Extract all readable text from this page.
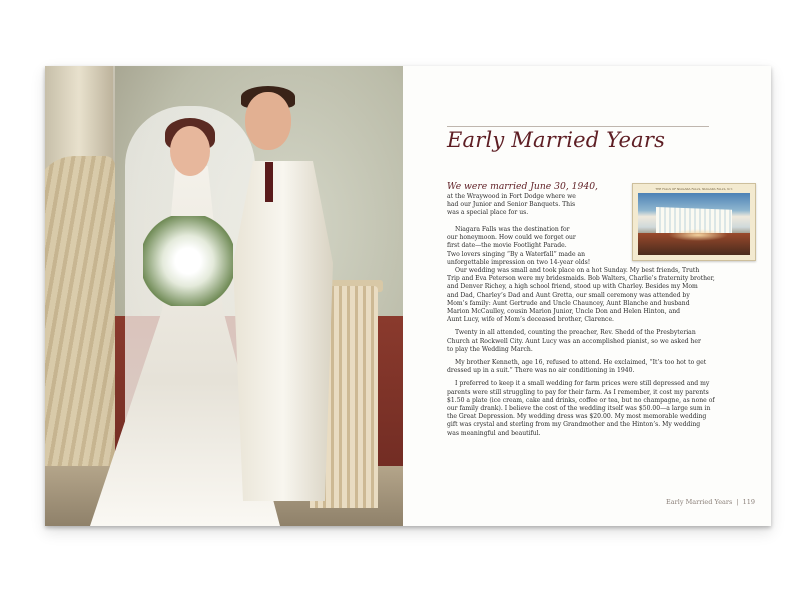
Early Married Years
We were married June 30, 1940,

at the Wraywood in Fort Dodge where we
had our Junior and Senior Banquets. This
was a special place for us.

Niagara Falls was the destination for
our honeymoon. How could we forget our
first date—the movie Footlight Parade.
Two lovers singing “By a Waterfall” made an
unforgettable impression on two 14-year olds!

Our wedding was small and took place on a hot Sunday. My best friends, Truth
Trip and Eva Peterson were my bridesmaids. Bob Walters, Charlie’s fraternity brother,
and Denver Richey, a high school friend, stood up with Charley. Besides my Mom
and Dad, Charley’s Dad and Aunt Gretta, our small ceremony was attended by
Mom’s family: Aunt Gertrude and Uncle Chauncey, Aunt Blanche and husband
Marion McCaulley, cousin Marion Junior, Uncle Don and Helen Hinton, and
Aunt Lucy, wife of Mom’s deceased brother, Clarence.

Twenty in all attended, counting the preacher, Rev. Shedd of the Presbyterian
Church at Rockwell City. Aunt Lucy was an accomplished pianist, so we asked her
to play the Wedding March.

My brother Kenneth, age 16, refused to attend. He exclaimed, “It’s too hot to get
dressed up in a suit.” There was no air conditioning in 1940.

I preferred to keep it a small wedding for farm prices were still depressed and my
parents were still struggling to pay for their farm. As I remember, it cost my parents
$1.50 a plate (ice cream, cake and drinks, coffee or tea, but no champagne, as none of
our family drank). I believe the cost of the wedding itself was $50.00—a large sum in
the Great Depression. My wedding dress was $20.00. My most memorable wedding
gift was crystal and sterling from my Grandmother and the Hinton’s. My wedding
was meaningful and beautiful.

THE FALLS OF NIAGARA FALLS, NIAGARA FALLS, N.Y.
Early Married Years | 119
